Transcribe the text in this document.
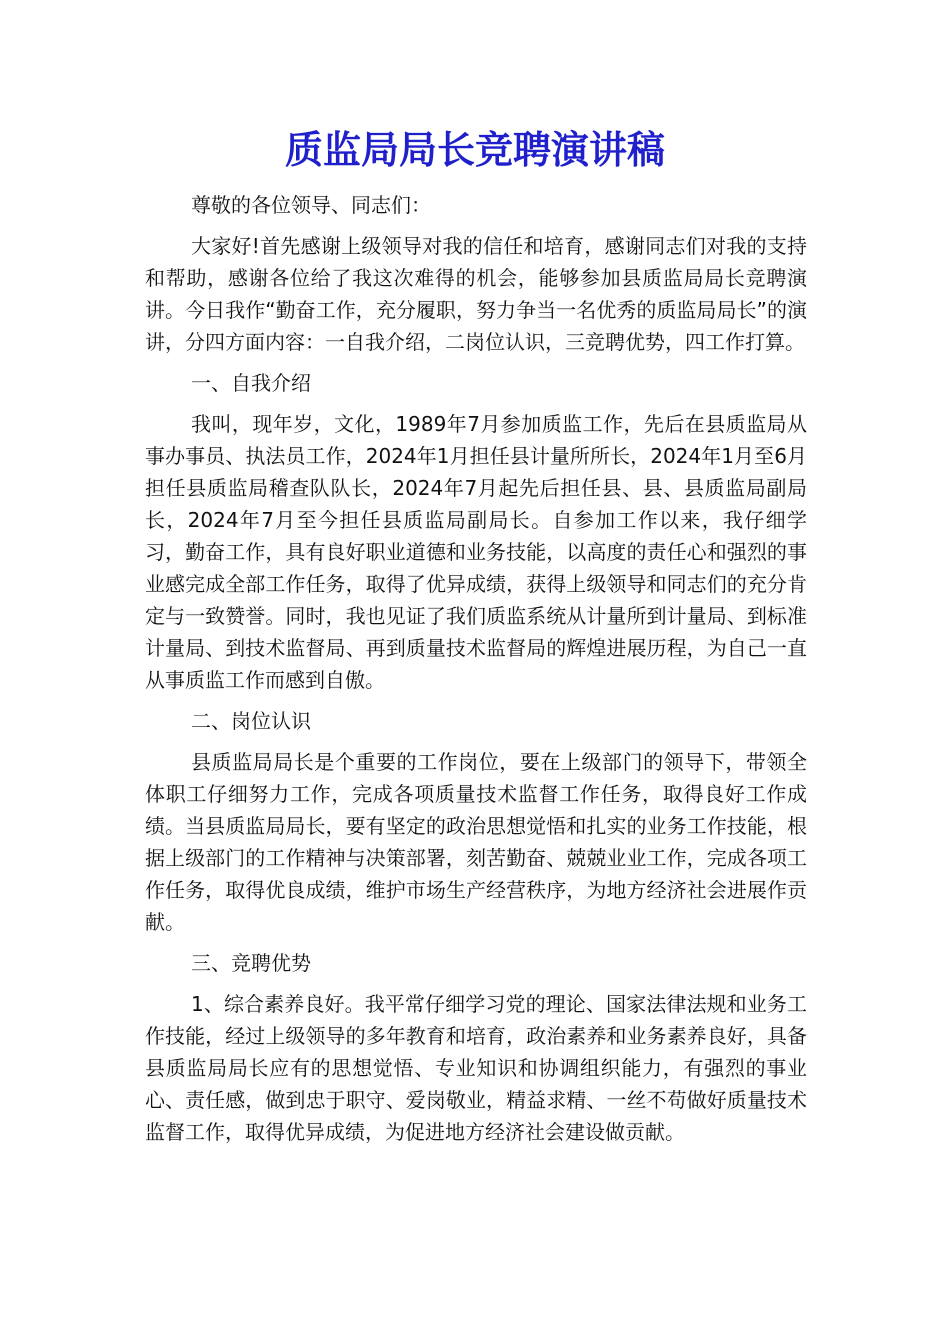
质监局局长竞聘演讲稿

尊敬的各位领导、同志们：

大家好!首先感谢上级领导对我的信任和培育，感谢同志们对我的支持和帮助，感谢各位给了我这次难得的机会，能够参加县质监局局长竞聘演讲。今日我作“勤奋工作，充分履职，努力争当一名优秀的质监局局长”的演讲，分四方面内容：一自我介绍，二岗位认识，三竞聘优势，四工作打算。

一、自我介绍

我叫，现年岁，文化，1989年7月参加质监工作，先后在县质监局从事办事员、执法员工作，2024年1月担任县计量所所长，2024年1月至6月担任县质监局稽查队队长，2024年7月起先后担任县、县、县质监局副局长，2024年7月至今担任县质监局副局长。自参加工作以来，我仔细学习，勤奋工作，具有良好职业道德和业务技能，以高度的责任心和强烈的事业感完成全部工作任务，取得了优异成绩，获得上级领导和同志们的充分肯定与一致赞誉。同时，我也见证了我们质监系统从计量所到计量局、到标准计量局、到技术监督局、再到质量技术监督局的辉煌进展历程，为自己一直从事质监工作而感到自傲。

二、岗位认识

县质监局局长是个重要的工作岗位，要在上级部门的领导下，带领全体职工仔细努力工作，完成各项质量技术监督工作任务，取得良好工作成绩。当县质监局局长，要有坚定的政治思想觉悟和扎实的业务工作技能，根据上级部门的工作精神与决策部署，刻苦勤奋、兢兢业业工作，完成各项工作任务，取得优良成绩，维护市场生产经营秩序，为地方经济社会进展作贡献。

三、竞聘优势

1、综合素养良好。我平常仔细学习党的理论、国家法律法规和业务工作技能，经过上级领导的多年教育和培育，政治素养和业务素养良好，具备县质监局局长应有的思想觉悟、专业知识和协调组织能力，有强烈的事业心、责任感，做到忠于职守、爱岗敬业，精益求精、一丝不苟做好质量技术监督工作，取得优异成绩，为促进地方经济社会建设做贡献。
